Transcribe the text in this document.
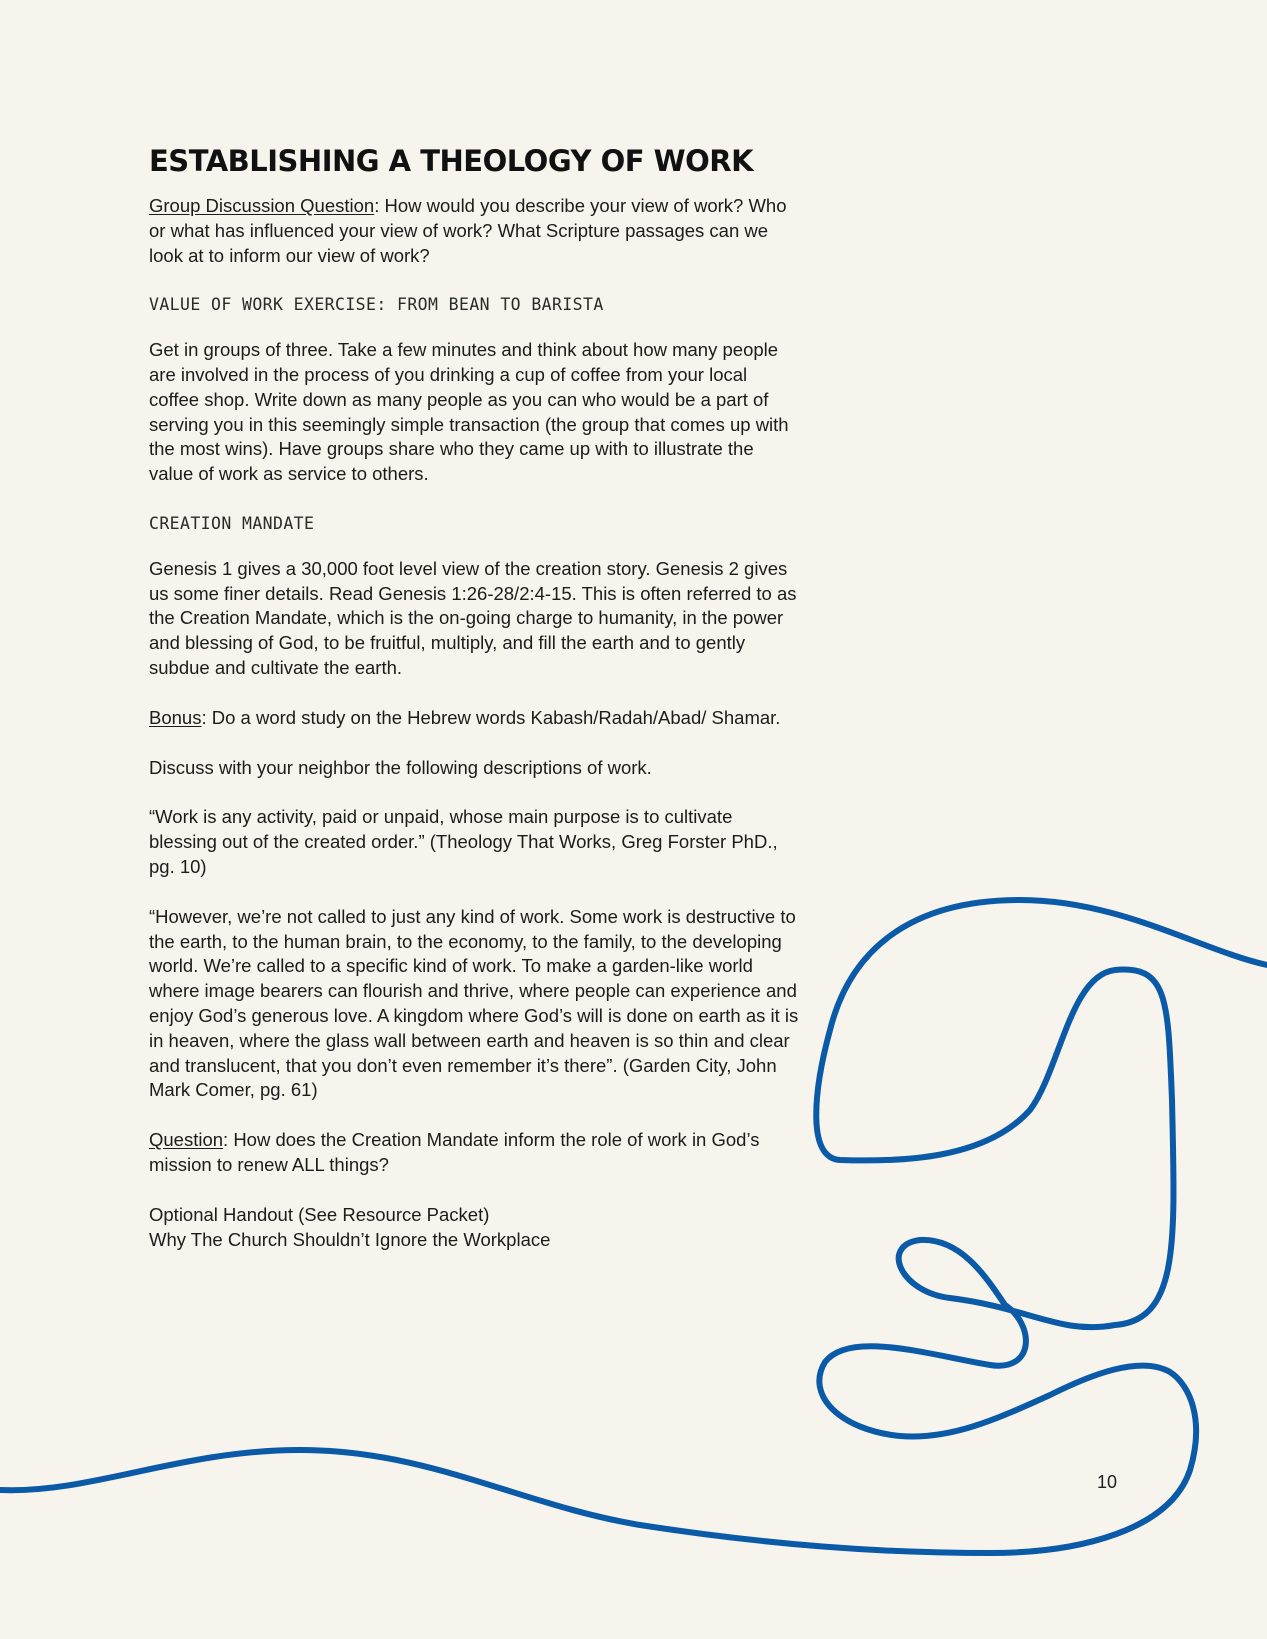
ESTABLISHING A THEOLOGY OF WORK

Group Discussion Question: How would you describe your view of work? Who or what has influenced your view of work? What Scripture passages can we look at to inform our view of work?

VALUE OF WORK EXERCISE: FROM BEAN TO BARISTA

Get in groups of three. Take a few minutes and think about how many people are involved in the process of you drinking a cup of coffee from your local coffee shop. Write down as many people as you can who would be a part of serving you in this seemingly simple transaction (the group that comes up with the most wins). Have groups share who they came up with to illustrate the value of work as service to others.

CREATION MANDATE

Genesis 1 gives a 30,000 foot level view of the creation story. Genesis 2 gives us some finer details. Read Genesis 1:26-28/2:4-15. This is often referred to as the Creation Mandate, which is the on-going charge to humanity, in the power and blessing of God, to be fruitful, multiply, and fill the earth and to gently subdue and cultivate the earth.

Bonus: Do a word study on the Hebrew words Kabash/Radah/Abad/ Shamar.

Discuss with your neighbor the following descriptions of work.

“Work is any activity, paid or unpaid, whose main purpose is to cultivate blessing out of the created order.” (Theology That Works, Greg Forster PhD., pg. 10)

“However, we’re not called to just any kind of work. Some work is destructive to the earth, to the human brain, to the economy, to the family, to the developing world. We’re called to a specific kind of work. To make a garden-like world where image bearers can flourish and thrive, where people can experience and enjoy God’s generous love. A kingdom where God’s will is done on earth as it is in heaven, where the glass wall between earth and heaven is so thin and clear and translucent, that you don’t even remember it’s there”. (Garden City, John Mark Comer, pg. 61)

Question: How does the Creation Mandate inform the role of work in God’s mission to renew ALL things?

Optional Handout (See Resource Packet)
Why The Church Shouldn’t Ignore the Workplace

10
